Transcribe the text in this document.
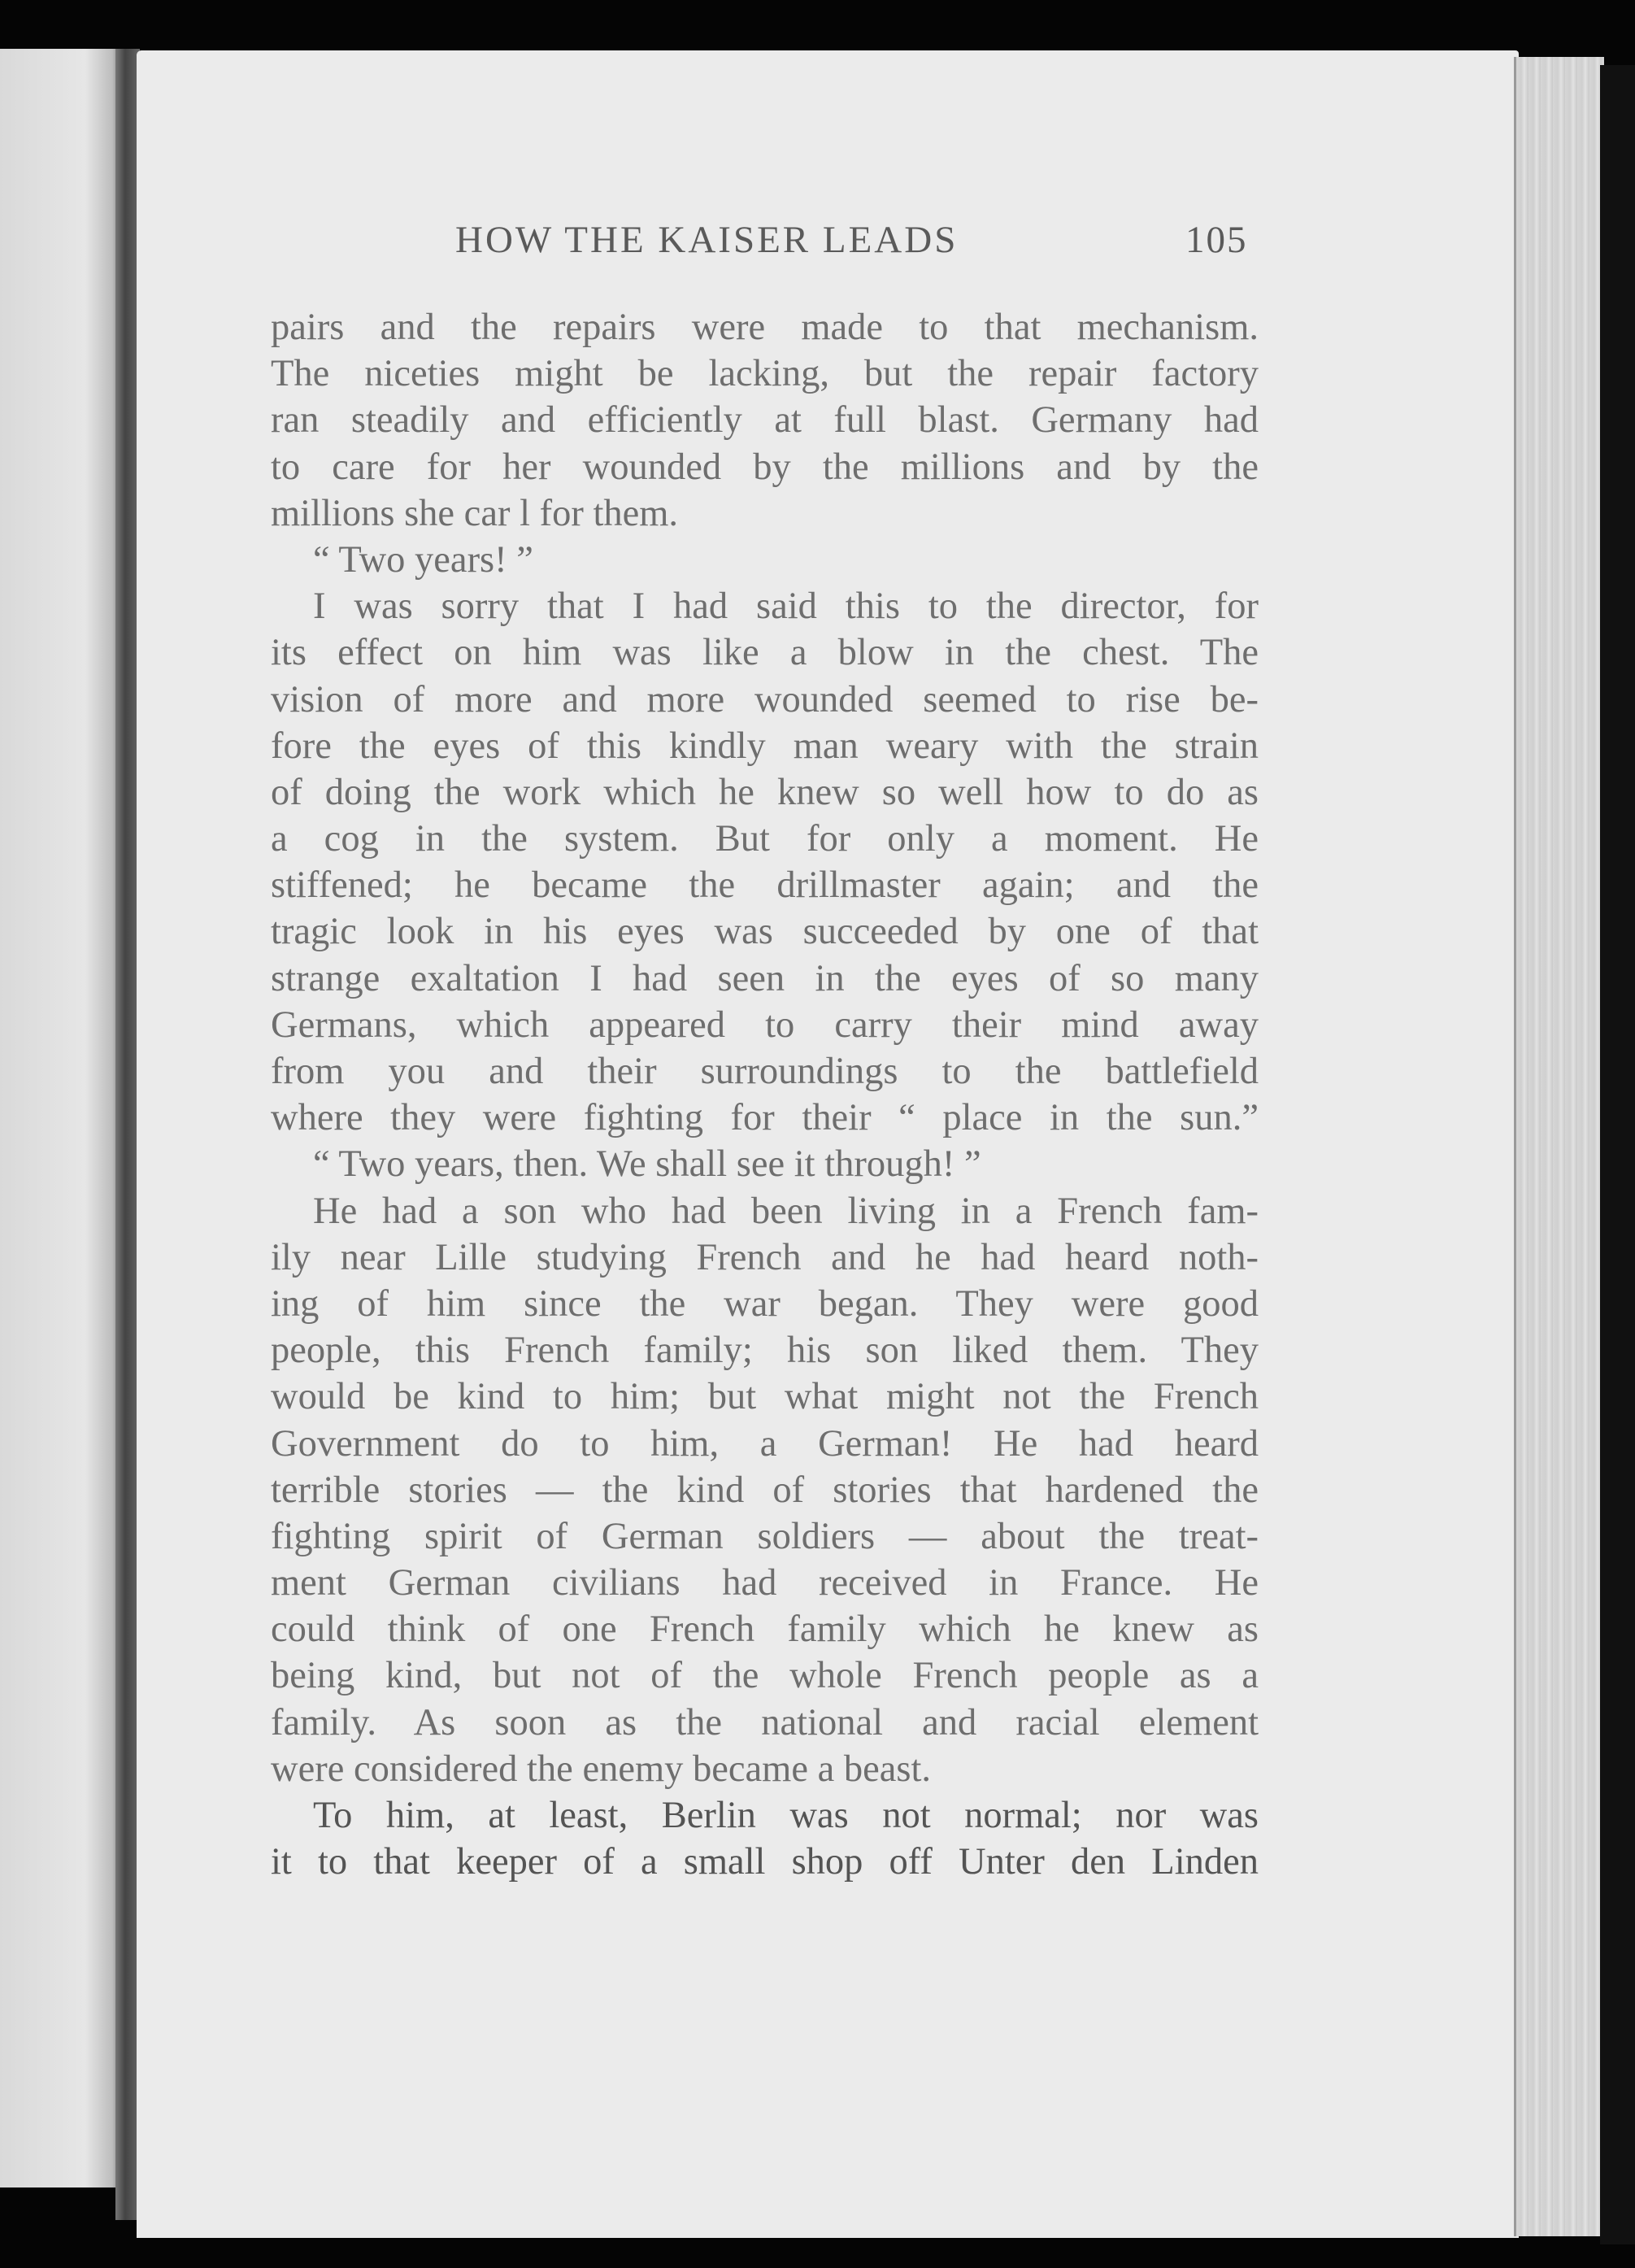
HOW THE KAISER LEADS	105
pairs and the repairs were made to that mechanism.
The niceties might be lacking, but the repair factory
ran steadily and efficiently at full blast. Germany had
to care for her wounded by the millions and by the
millions she car l for them.
“ Two years! ”
I was sorry that I had said this to the director, for
its effect on him was like a blow in the chest. The
vision of more and more wounded seemed to rise be-
fore the eyes of this kindly man weary with the strain
of doing the work which he knew so well how to do as
a cog in the system. But for only a moment. He
stiffened; he became the drillmaster again; and the
tragic look in his eyes was succeeded by one of that
strange exaltation I had seen in the eyes of so many
Germans, which appeared to carry their mind away
from you and their surroundings to the battlefield
where they were fighting for their “ place in the sun.”
“ Two years, then. We shall see it through! ”
He had a son who had been living in a French fam-
ily near Lille studying French and he had heard noth-
ing of him since the war began. They were good
people, this French family; his son liked them. They
would be kind to him; but what might not the French
Government do to him, a German! He had heard
terrible stories — the kind of stories that hardened the
fighting spirit of German soldiers — about the treat-
ment German civilians had received in France. He
could think of one French family which he knew as
being kind, but not of the whole French people as a
family. As soon as the national and racial element
were considered the enemy became a beast.
To him, at least, Berlin was not normal; nor was
it to that keeper of a small shop off Unter den Linden
